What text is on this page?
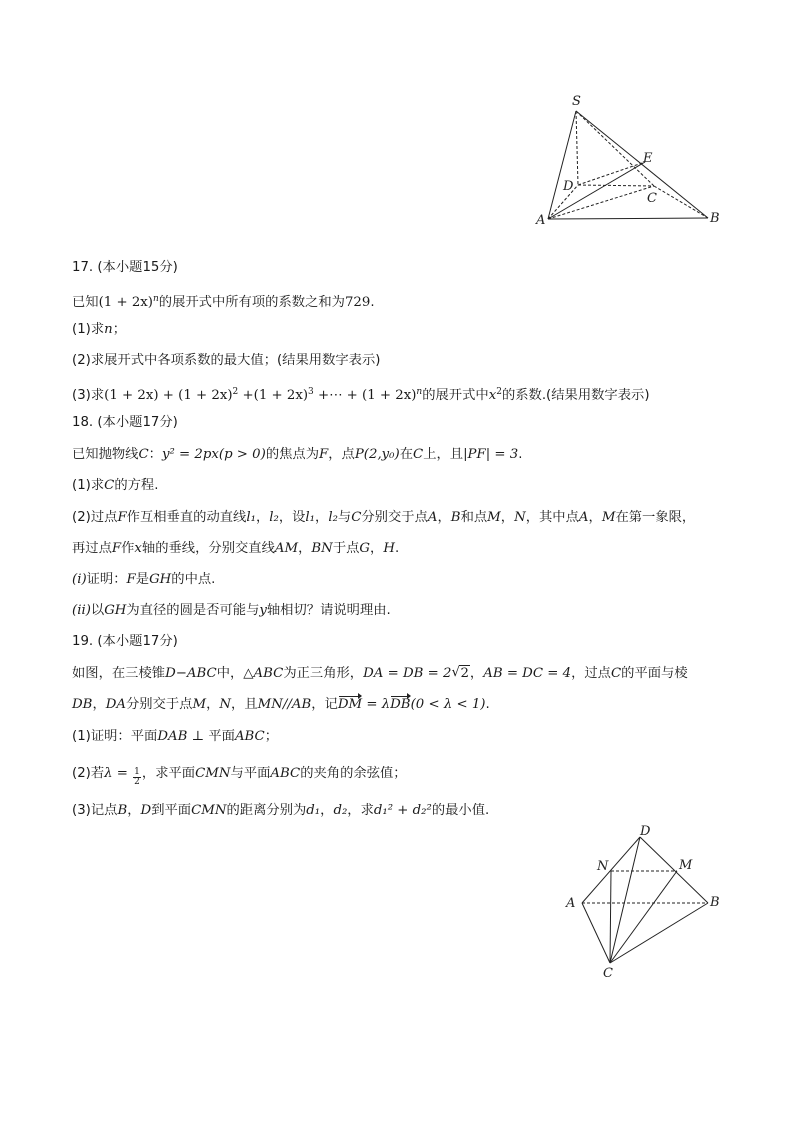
S
E
D
C
A	B
17. (本小题15分)
已知$(1 + 2x)^n$的展开式中所有项的系数之和为729.
(1)求n；
(2)求展开式中各项系数的最大值；(结果用数字表示)
(3)求$(1 + 2x) + (1 + 2x)^2 +(1 + 2x)^3$ +⋯ + $(1 + 2x)^n$的展开式中$x^2$的系数.(结果用数字表示)
18. (本小题17分)
已知抛物线C：y² = 2px(p > 0)的焦点为F，点P(2,y₀)在C上，且|PF| = 3.
(1)求C的方程.
(2)过点F作互相垂直的动直线l₁，l₂，设l₁，l₂与C分别交于点A，B和点M，N，其中点A，M在第一象限，
再过点F作x轴的垂线，分别交直线AM，BN于点G，H.
(i)证明：F是GH的中点.
(ii)以GH为直径的圆是否可能与y轴相切？请说明理由.
19. (本小题17分)
如图，在三棱锥D−ABC中，△ABC为正三角形，DA = DB = 2 √ 2，AB = DC = 4，过点C的平面与棱
DB，DA分别交于点M，N，且MN//AB，记DM = λDB(0 < λ < 1).
(1)证明：平面DAB ⊥ 平面ABC；
(2)若$\lambda = \frac{1}{2}$ ，求平面CMN与平面ABC的夹角的余弦值；
(3)记点B，D到平面CMN的距离分别为d₁，d₂，求d₁² + d₂²的最小值.
D
N	M
A	B
C
